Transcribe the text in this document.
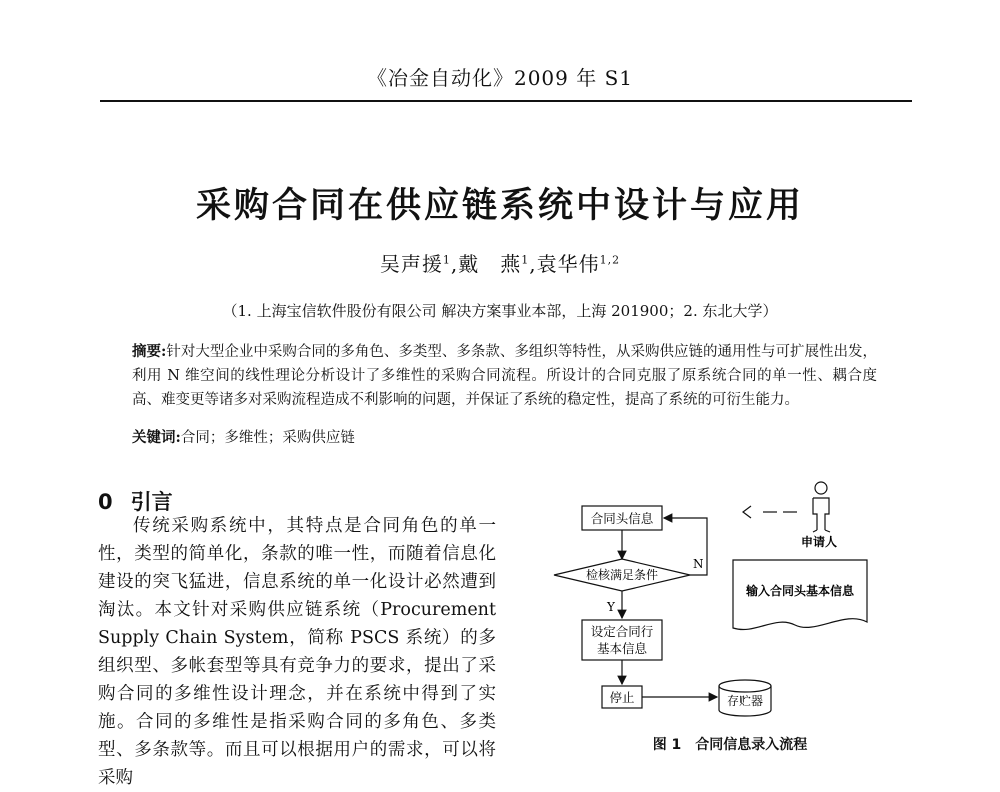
《冶金自动化》2009 年 S1
采购合同在供应链系统中设计与应用
吴声援$^1$,戴　燕$^1$,袁华伟$^{1,2}$
（1. 上海宝信软件股份有限公司 解决方案事业本部，上海 201900；2. 东北大学）
摘要:针对大型企业中采购合同的多角色、多类型、多条款、多组织等特性，从采购供应链的通用性与可扩展性出发，利用 N 维空间的线性理论分析设计了多维性的采购合同流程。所设计的合同克服了原系统合同的单一性、耦合度高、难变更等诸多对采购流程造成不利影响的问题，并保证了系统的稳定性，提高了系统的可衍生能力。
关键词:合同；多维性；采购供应链
0 引言
传统采购系统中，其特点是合同角色的单一性，类型的简单化，条款的唯一性，而随着信息化建设的突飞猛进，信息系统的单一化设计必然遭到淘汰。本文针对采购供应链系统（Procurement Supply Chain System，简称 PSCS 系统）的多组织型、多帐套型等具有竞争力的要求，提出了采购合同的多维性设计理念，并在系统中得到了实施。合同的多维性是指采购合同的多角色、多类型、多条款等。而且可以根据用户的需求，可以将采购
合同头信息
检核满足条件
N
Y
设定合同行
基本信息
停止	存贮器
申请人
输入合同头基本信息
图 1　合同信息录入流程
